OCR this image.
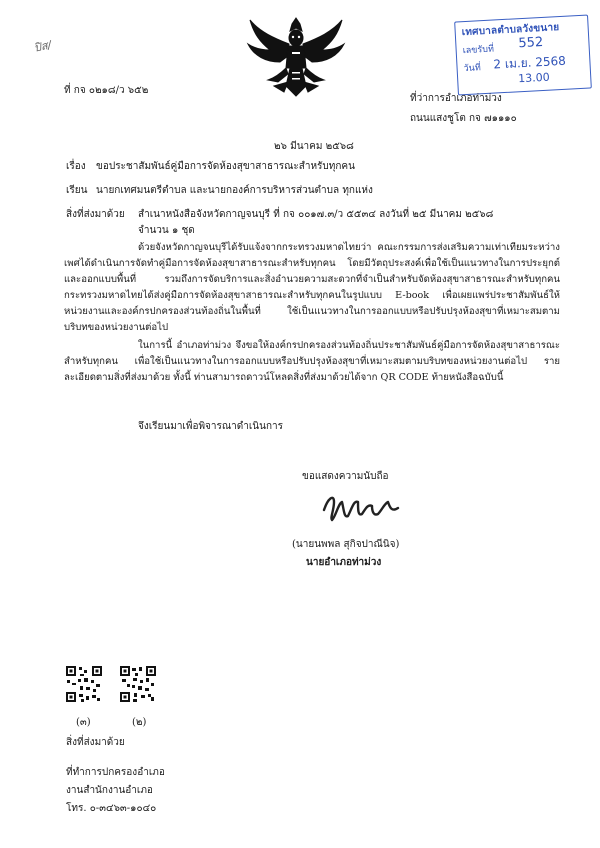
ปิส/
เทศบาลตำบลวังขนาย
เลขรับที่ 552
วันที่ 2 เม.ย. 2568
13.00
ที่ กจ ๐๒๑๘/ว ๖๕๒
ที่ว่าการอำเภอท่าม่วง
ถนนแสงชูโต กจ ๗๑๑๑๐
๒๖ มีนาคม ๒๕๖๘
เรื่อง ขอประชาสัมพันธ์คู่มือการจัดห้องสุขาสาธารณะสำหรับทุกคน
เรียน นายกเทศมนตรีตำบล และนายกองค์การบริหารส่วนตำบล ทุกแห่ง
สิ่งที่ส่งมาด้วย สำเนาหนังสือจังหวัดกาญจนบุรี ที่ กจ ๐๐๑๗.๓/ว ๕๕๓๔ ลงวันที่ ๒๕ มีนาคม ๒๕๖๘
จำนวน ๑ ชุด

ด้วยจังหวัดกาญจนบุรีได้รับแจ้งจากกระทรวงมหาดไทยว่า คณะกรรมการส่งเสริมความเท่าเทียมระหว่างเพศได้ดำเนินการจัดทำคู่มือการจัดห้องสุขาสาธารณะสำหรับทุกคน โดยมีวัตถุประสงค์เพื่อใช้เป็นแนวทางในการประยุกต์และออกแบบพื้นที่ รวมถึงการจัดบริการและสิ่งอำนวยความสะดวกที่จำเป็นสำหรับจัดห้องสุขาสาธารณะสำหรับทุกคน กระทรวงมหาดไทยได้ส่งคู่มือการจัดห้องสุขาสาธารณะสำหรับทุกคนในรูปแบบ E-book เพื่อเผยแพร่ประชาสัมพันธ์ให้หน่วยงานและองค์กรปกครองส่วนท้องถิ่นในพื้นที่ ใช้เป็นแนวทางในการออกแบบหรือปรับปรุงห้องสุขาที่เหมาะสมตามบริบทของหน่วยงานต่อไป

ในการนี้ อำเภอท่าม่วง จึงขอให้องค์กรปกครองส่วนท้องถิ่นประชาสัมพันธ์คู่มือการจัดห้องสุขาสาธารณะสำหรับทุกคน เพื่อใช้เป็นแนวทางในการออกแบบหรือปรับปรุงห้องสุขาที่เหมาะสมตามบริบทของหน่วยงานต่อไป รายละเอียดตามสิ่งที่ส่งมาด้วย ทั้งนี้ ท่านสามารถดาวน์โหลดสิ่งที่ส่งมาด้วยได้จาก QR CODE ท้ายหนังสือฉบับนี้

จึงเรียนมาเพื่อพิจารณาดำเนินการ
ขอแสดงความนับถือ
(นายนพพล สุกิจปาณีนิจ)
นายอำเภอท่าม่วง
(๓)	(๒)
สิ่งที่ส่งมาด้วย
ที่ทำการปกครองอำเภอ
งานสำนักงานอำเภอ
โทร. ๐-๓๔๖๓-๑๐๔๐
